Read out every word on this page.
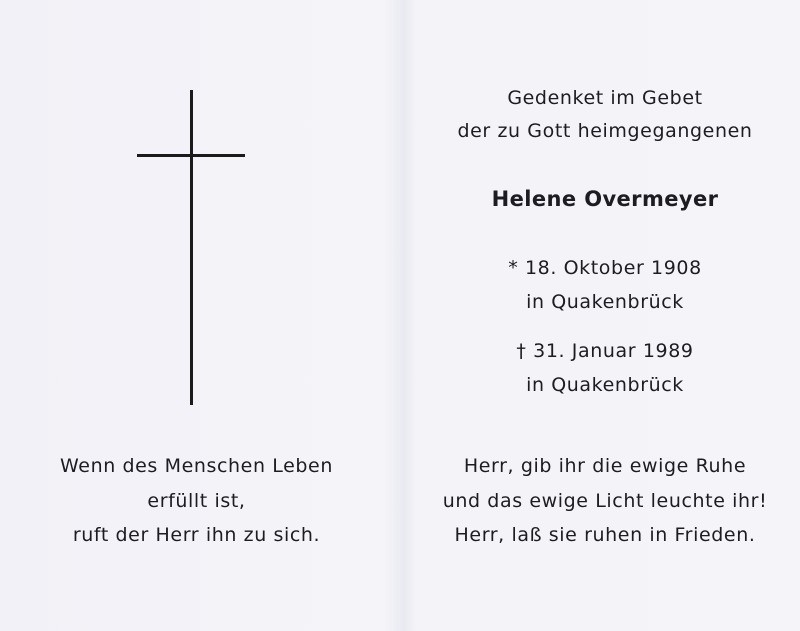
Wenn des Menschen Leben
erfüllt ist,
ruft der Herr ihn zu sich.
Gedenket im Gebet
der zu Gott heimgegangenen
Helene Overmeyer
* 18. Oktober 1908
in Quakenbrück
† 31. Januar 1989
in Quakenbrück
Herr, gib ihr die ewige Ruhe
und das ewige Licht leuchte ihr!
Herr, laß sie ruhen in Frieden.
